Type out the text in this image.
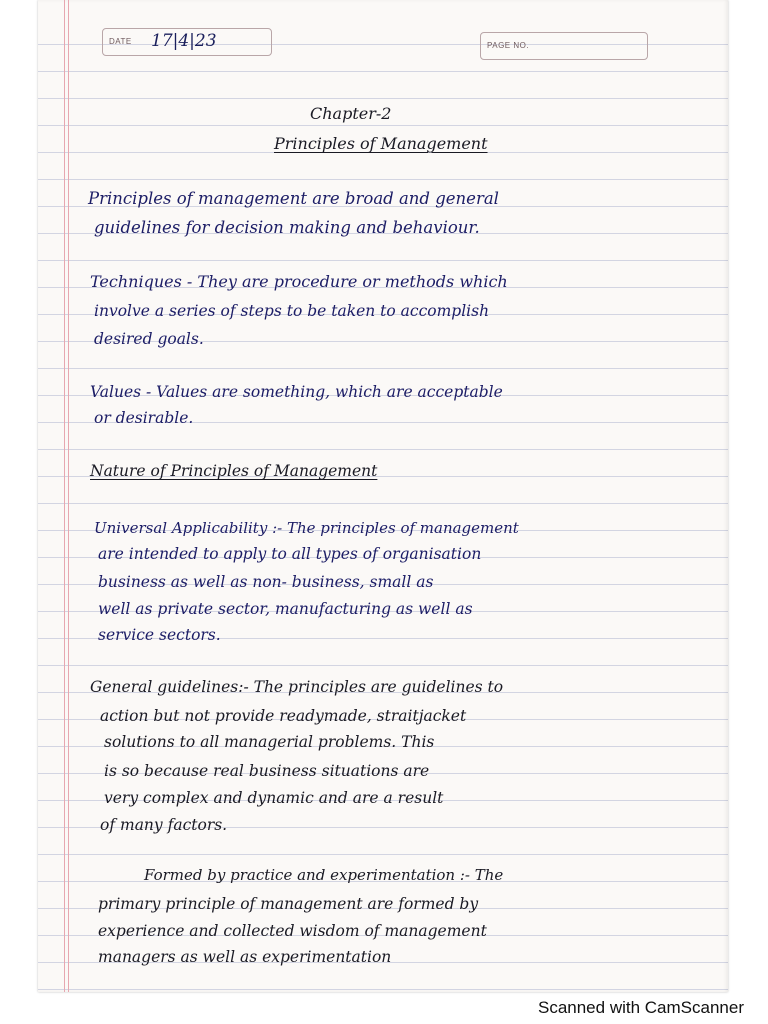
DATE 17|4|23	PAGE NO.
Chapter-2
Principles of Management
Principles of management are broad and general
guidelines for decision making and behaviour.
Techniques - They are procedure or methods which
involve a series of steps to be taken to accomplish
desired goals.
Values - Values are something, which are acceptable
or desirable.
Nature of Principles of Management
Universal Applicability :- The principles of management
are intended to apply to all types of organisation
business as well as non- business, small as
well as private sector, manufacturing as well as
service sectors.
General guidelines:- The principles are guidelines to
action but not provide readymade, straitjacket
solutions to all managerial problems. This
is so because real business situations are
very complex and dynamic and are a result
of many factors.
Formed by practice and experimentation :- The
primary principle of management are formed by
experience and collected wisdom of management
managers as well as experimentation
Scanned with CamScanner
